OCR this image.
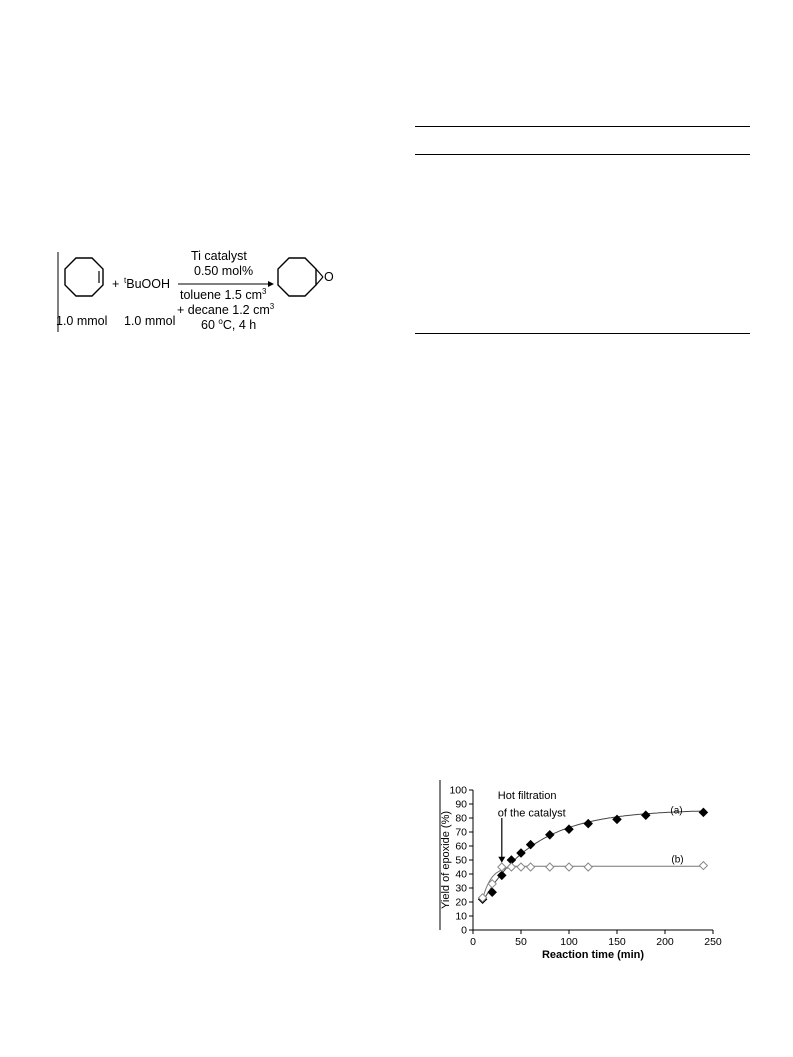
+ $^t$BuOOH
Ti catalyst
0.50 mol%
toluene 1.5 $cm^3$
+ decane 1.2 $cm^3$
60 $^o$C, 4 h
1.0 mmol 1.0 mmol
O
0
10
20
30
40
50
60
70
80
90
100
0	50	100	150	200	250
Reaction time (min)
Yield of epoxide (%)	(a)
(b)
Hot filtration
of the catalyst
